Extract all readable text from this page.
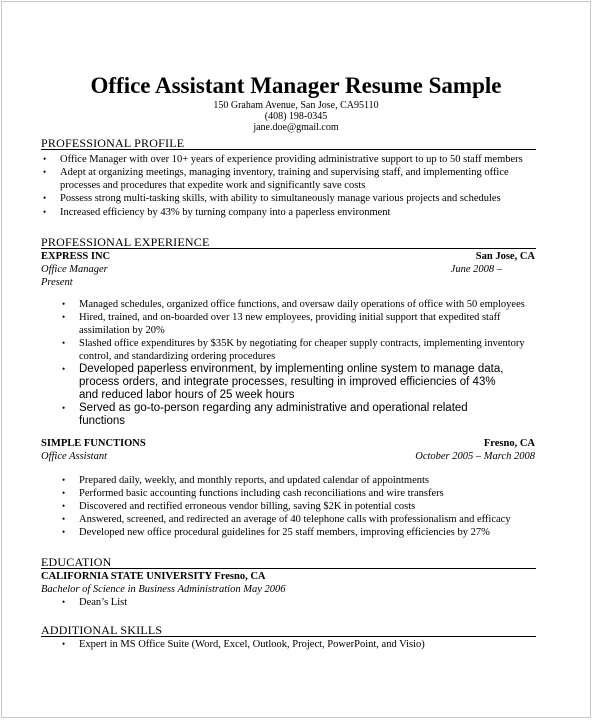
Office Assistant Manager Resume Sample
150 Graham Avenue, San Jose, CA95110
(408) 198-0345
jane.doe@gmail.com
PROFESSIONAL PROFILE
• Office Manager with over 10+ years of experience providing administrative support to up to 50 staff members
• Adept at organizing meetings, managing inventory, training and supervising staff, and implementing office
processes and procedures that expedite work and significantly save costs
• Possess strong multi-tasking skills, with ability to simultaneously manage various projects and schedules
• Increased efficiency by 43% by turning company into a paperless environment
PROFESSIONAL EXPERIENCE
EXPRESS INC	San Jose, CA
Office Manager	June 2008 –
Present
• Managed schedules, organized office functions, and oversaw daily operations of office with 50 employees
• Hired, trained, and on-boarded over 13 new employees, providing initial support that expedited staff
assimilation by 20%
• Slashed office expenditures by $35K by negotiating for cheaper supply contracts, implementing inventory
control, and standardizing ordering procedures
• Developed paperless environment, by implementing online system to manage data,
process orders, and integrate processes, resulting in improved efficiencies of 43%
and reduced labor hours of 25 week hours
• Served as go-to-person regarding any administrative and operational related
functions
SIMPLE FUNCTIONS	Fresno, CA
Office Assistant	October 2005 – March 2008
• Prepared daily, weekly, and monthly reports, and updated calendar of appointments
• Performed basic accounting functions including cash reconciliations and wire transfers
• Discovered and rectified erroneous vendor billing, saving $2K in potential costs
• Answered, screened, and redirected an average of 40 telephone calls with professionalism and efficacy
• Developed new office procedural guidelines for 25 staff members, improving efficiencies by 27%
EDUCATION
CALIFORNIA STATE UNIVERSITY Fresno, CA
Bachelor of Science in Business Administration May 2006
• Dean’s List
ADDITIONAL SKILLS
• Expert in MS Office Suite (Word, Excel, Outlook, Project, PowerPoint, and Visio)
